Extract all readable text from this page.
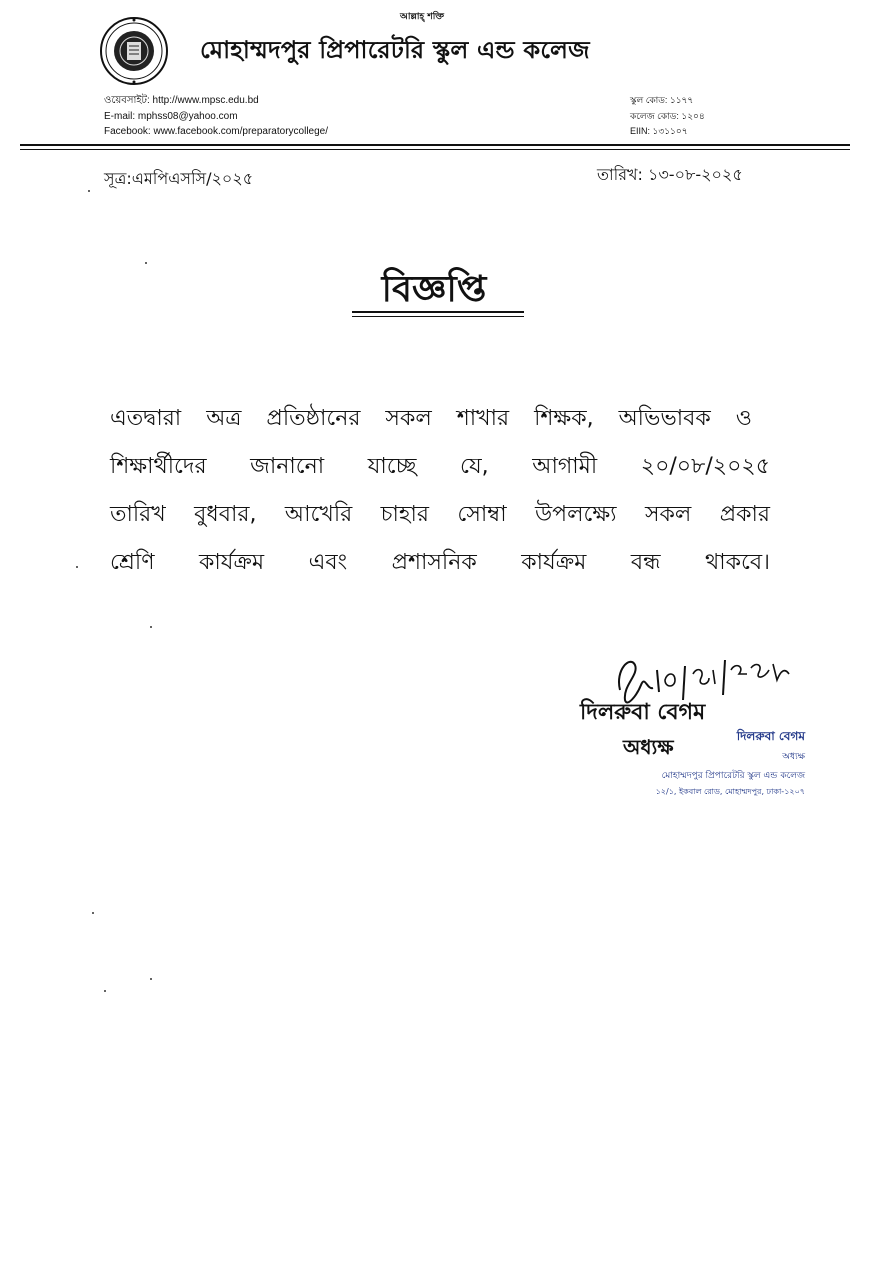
আল্লাহ্ শক্তি
মোহাম্মদপুর প্রিপারেটরি স্কুল এন্ড কলেজ
ওয়েবসাইট: http://www.mpsc.edu.bd
E-mail: mphss08@yahoo.com
Facebook: www.facebook.com/preparatorycollege/
স্কুল কোড: ১১৭৭
কলেজ কোড: ১২০৪
EIIN: ১৩১১০৭
সূত্র:এমপিএসসি/২০২৫	তারিখ: ১৩-০৮-২০২৫
বিজ্ঞপ্তি
এতদ্বারা অত্র প্রতিষ্ঠানের সকল শাখার শিক্ষক, অভিভাবক ও
শিক্ষার্থীদের জানানো যাচ্ছে যে, আগামী ২০/০৮/২০২৫
তারিখ বুধবার, আখেরি চাহার সোম্বা উপলক্ষ্যে সকল প্রকার
শ্রেণি কার্যক্রম এবং প্রশাসনিক কার্যক্রম বন্ধ থাকবে।
দিলরুবা বেগম
অধ্যক্ষ	দিলরুবা বেগম
অধ্যক্ষ
মোহাম্মদপুর প্রিপারেটরি স্কুল এন্ড কলেজ
১২/১, ইকবাল রোড, মোহাম্মদপুর, ঢাকা-১২০৭
